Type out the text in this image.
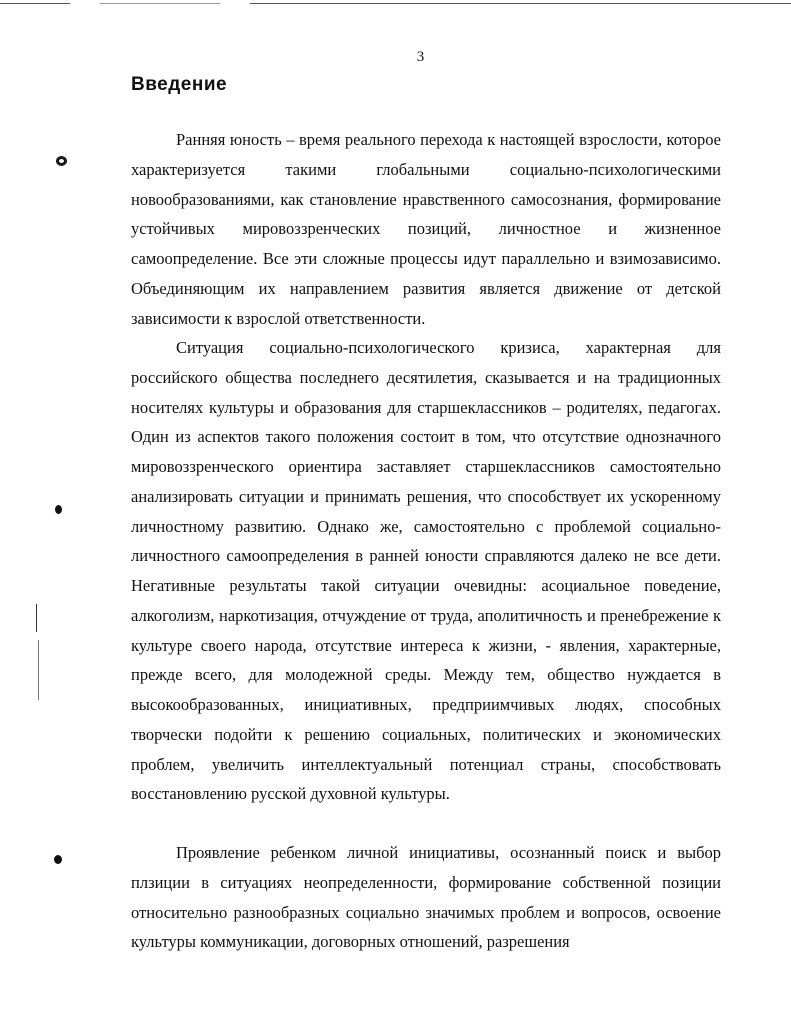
3
Введение

Ранняя юность – время реального перехода к настоящей взрослости, которое характеризуется такими глобальными социально-психологическими новообразованиями, как становление нравственного самосознания, формирование устойчивых мировоззренческих позиций, личностное и жизненное самоопределение. Все эти сложные процессы идут параллельно и взимозависимо. Объединяющим их направлением развития является движение от детской зависимости к взрослой ответственности.

Ситуация социально-психологического кризиса, характерная для российского общества последнего десятилетия, сказывается и на традиционных носителях культуры и образования для старшеклассников – родителях, педагогах. Один из аспектов такого положения состоит в том, что отсутствие однозначного мировоззренческого ориентира заставляет старшеклассников самостоятельно анализировать ситуации и принимать решения, что способствует их ускоренному личностному развитию. Однако же, самостоятельно с проблемой социально-личностного самоопределения в ранней юности справляются далеко не все дети. Негативные результаты такой ситуации очевидны: асоциальное поведение, алкоголизм, наркотизация, отчуждение от труда, аполитичность и пренебрежение к культуре своего народа, отсутствие интереса к жизни, - явления, характерные, прежде всего, для молодежной среды. Между тем, общество нуждается в высокообразованных, инициативных, предприимчивых людях, способных творчески подойти к решению социальных, политических и экономических проблем, увеличить интеллектуальный потенциал страны, способствовать восстановлению русской духовной культуры.

Проявление ребенком личной инициативы, осознанный поиск и выбор плзиции в ситуациях неопределенности, формирование собственной позиции относительно разнообразных социально значимых проблем и вопросов, освоение культуры коммуникации, договорных отношений, разрешения
